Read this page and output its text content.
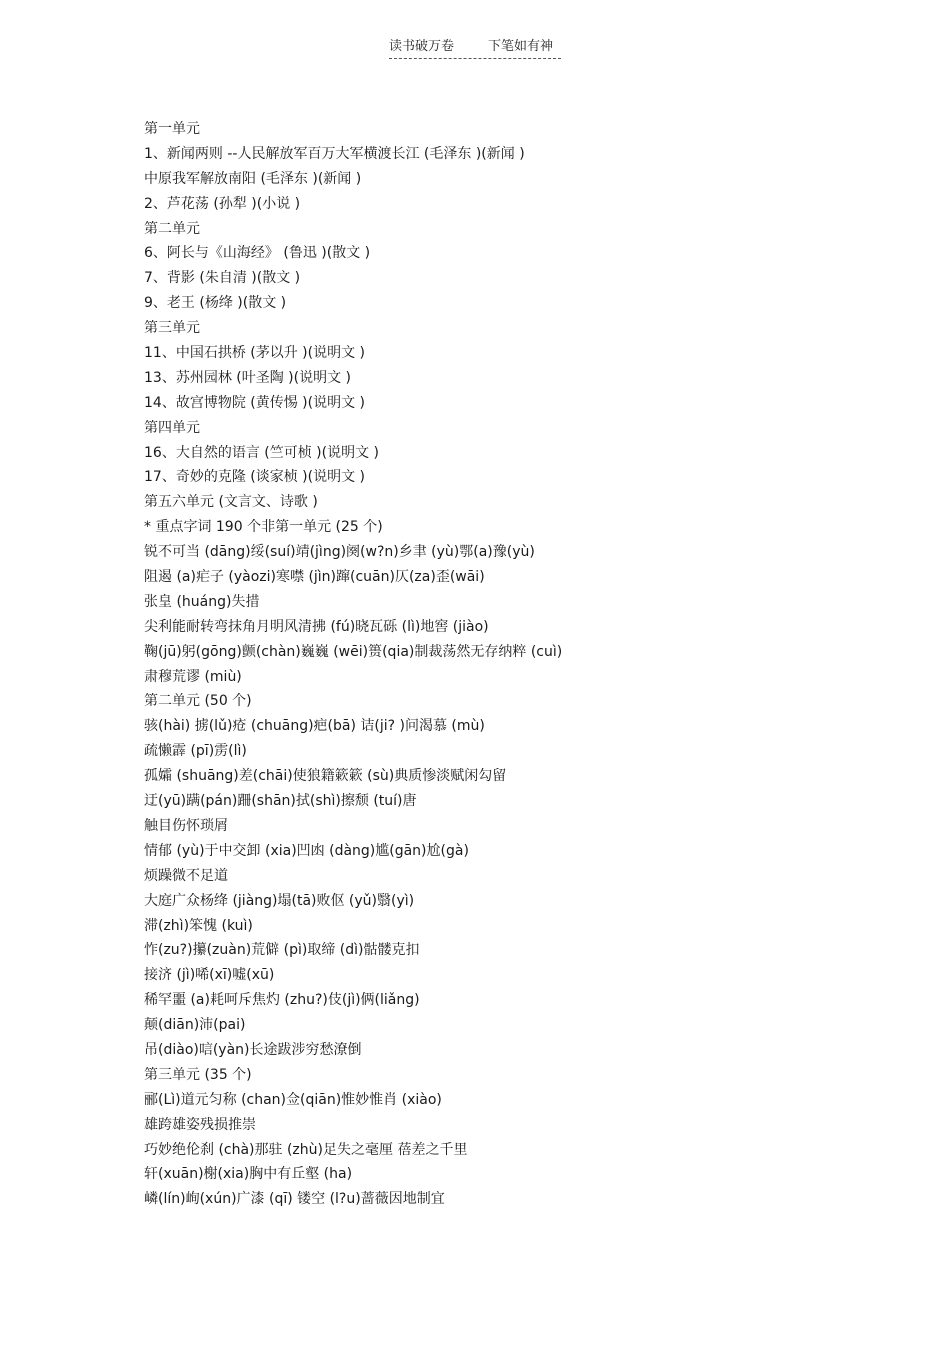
读书破万卷	下笔如有神
第一单元
1、新闻两则 --人民解放军百万大军横渡长江 (毛泽东 )(新闻 )
中原我军解放南阳 (毛泽东 )(新闻 )
2、芦花荡 (孙犁 )(小说 )
第二单元
6、阿长与《山海经》 (鲁迅 )(散文 )
7、背影 (朱自清 )(散文 )
9、老王 (杨绛 )(散文 )
第三单元
11、中国石拱桥 (茅以升 )(说明文 )
13、苏州园林 (叶圣陶 )(说明文 )
14、故宫博物院 (黄传惕 )(说明文 )
第四单元
16、大自然的语言 (竺可桢 )(说明文 )
17、奇妙的克隆 (谈家桢 )(说明文 )
第五六单元 (文言文、诗歌 )
* 重点字词 190 个非第一单元 (25 个)
锐不可当 (dāng)绥(suí)靖(jìng)阕(w?n)乡聿 (yù)鄂(a)豫(yù)
阻遏 (a)疟子 (yàozi)寒噤 (jìn)蹿(cuān)仄(za)歪(wāi)
张皇 (huáng)失措
尖利能耐转弯抹角月明风清拂 (fú)晓瓦砾 (lì)地窖 (jiào)
鞠(jū)躬(gōng)颤(chàn)巍巍 (wēi)篑(qia)制裁荡然无存纳粹 (cuì)
肃穆荒谬 (miù)
第二单元 (50 个)
骇(hài) 掳(lǔ)疮 (chuāng)疤(bā) 诘(ji? )问渴慕 (mù)
疏懒霹 (pī)雳(lì)
孤孀 (shuāng)差(chāi)使狼籍簌簌 (sù)典质惨淡赋闲勾留
迂(yū)蹒(pán)跚(shān)拭(shì)擦颓 (tuí)唐
触目伤怀琐屑
情郁 (yù)于中交卸 (xia)凹凼 (dàng)尴(gān)尬(gà)
烦躁微不足道
大庭广众杨绛 (jiàng)塌(tā)败伛 (yǔ)翳(yì)
滞(zhì)笨愧 (kuì)
怍(zu?)攥(zuàn)荒僻 (pì)取缔 (dì)骷髅克扣
接济 (jì)唏(xī)嘘(xū)
稀罕噩 (a)耗呵斥焦灼 (zhu?)伎(jì)俩(liǎng)
颠(diān)沛(pai)
吊(diào)唁(yàn)长途跋涉穷愁潦倒
第三单元 (35 个)
郦(Lì)道元匀称 (chan)佥(qiān)惟妙惟肖 (xiào)
雄跨雄姿残损推崇
巧妙绝伦刹 (chà)那驻 (zhù)足失之毫厘 蓓差之千里
轩(xuān)榭(xia)胸中有丘壑 (ha)
嶙(lín)峋(xún)广漆 (qī) 镂空 (l?u)蔷薇因地制宜
